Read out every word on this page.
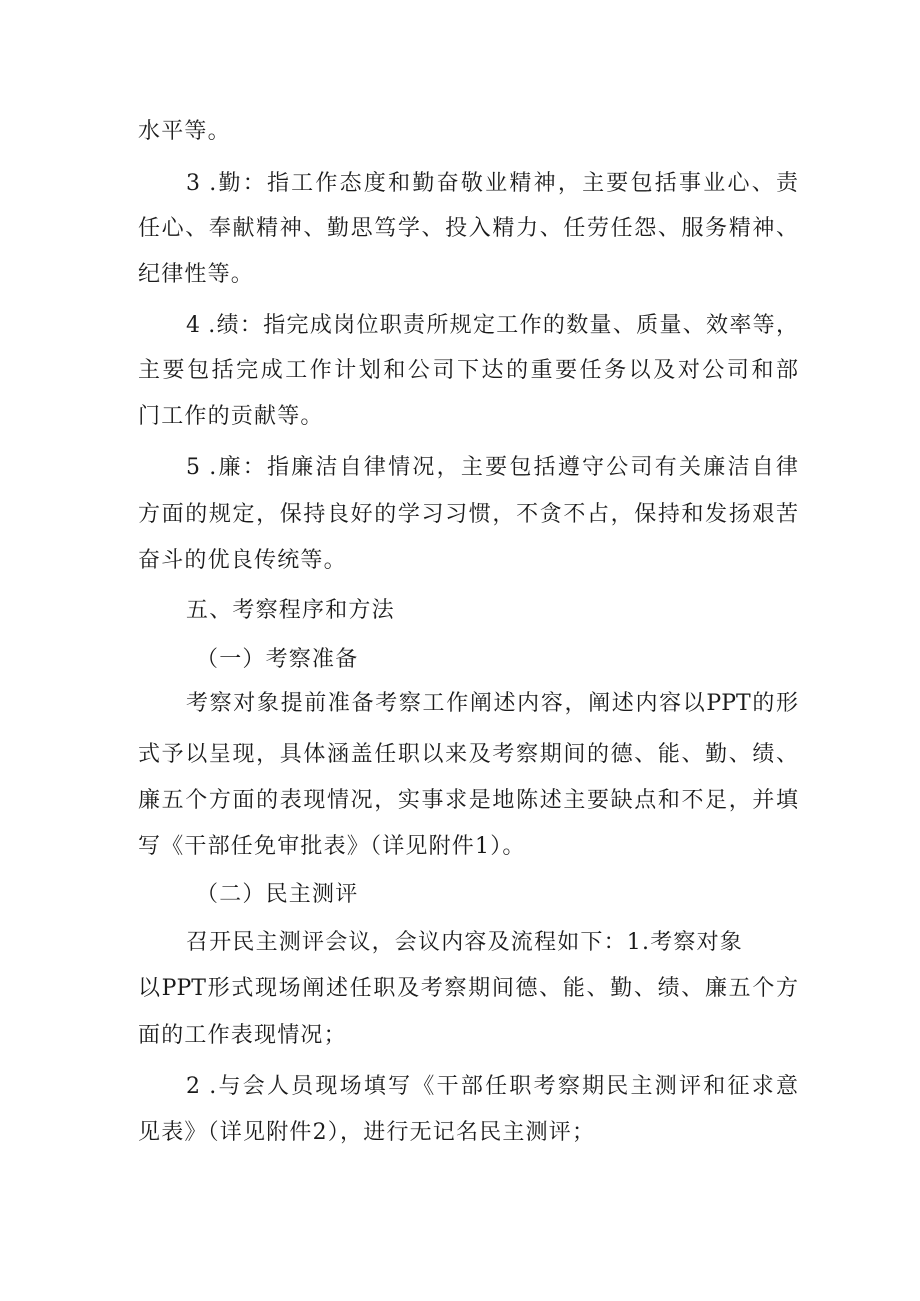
水平等。
3 .勤：指工作态度和勤奋敬业精神，主要包括事业心、责
任心、奉献精神、勤思笃学、投入精力、任劳任怨、服务精神、
纪律性等。
4 .绩：指完成岗位职责所规定工作的数量、质量、效率等，
主要包括完成工作计划和公司下达的重要任务以及对公司和部
门工作的贡献等。
5 .廉：指廉洁自律情况，主要包括遵守公司有关廉洁自律
方面的规定，保持良好的学习习惯，不贪不占，保持和发扬艰苦
奋斗的优良传统等。
五、考察程序和方法
（一）考察准备
考察对象提前准备考察工作阐述内容，阐述内容以PPT的形
式予以呈现，具体涵盖任职以来及考察期间的德、能、勤、绩、
廉五个方面的表现情况，实事求是地陈述主要缺点和不足，并填
写《干部任免审批表》（详见附件1）。
（二）民主测评
召开民主测评会议，会议内容及流程如下：1.考察对象
以PPT形式现场阐述任职及考察期间德、能、勤、绩、廉五个方
面的工作表现情况；
2 .与会人员现场填写《干部任职考察期民主测评和征求意
见表》（详见附件2），进行无记名民主测评；
